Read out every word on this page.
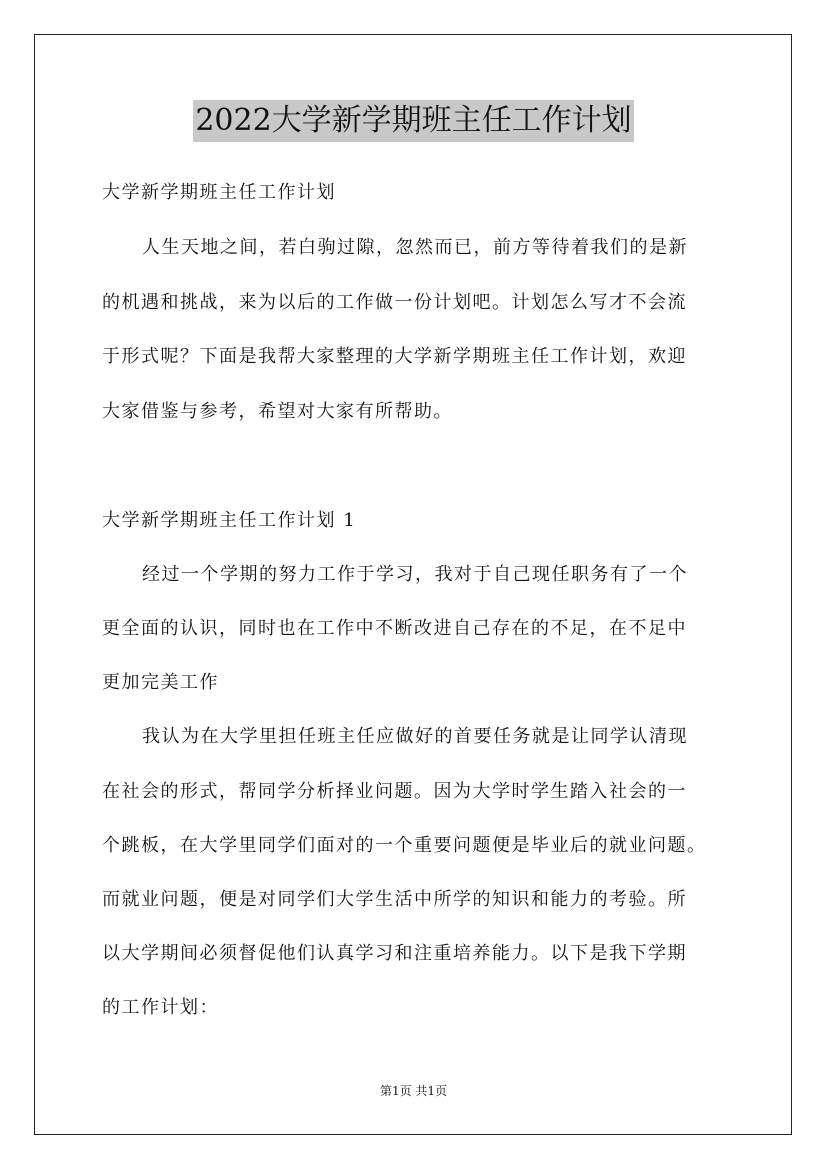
2022大学新学期班主任工作计划
大学新学期班主任工作计划
人生天地之间，若白驹过隙，忽然而已，前方等待着我们的是新
的机遇和挑战，来为以后的工作做一份计划吧。计划怎么写才不会流
于形式呢？下面是我帮大家整理的大学新学期班主任工作计划，欢迎
大家借鉴与参考，希望对大家有所帮助。
大学新学期班主任工作计划 1
经过一个学期的努力工作于学习，我对于自己现任职务有了一个
更全面的认识，同时也在工作中不断改进自己存在的不足，在不足中
更加完美工作
我认为在大学里担任班主任应做好的首要任务就是让同学认清现
在社会的形式，帮同学分析择业问题。因为大学时学生踏入社会的一
个跳板，在大学里同学们面对的一个重要问题便是毕业后的就业问题。
而就业问题，便是对同学们大学生活中所学的知识和能力的考验。所
以大学期间必须督促他们认真学习和注重培养能力。以下是我下学期
的工作计划：
第1页 共1页
